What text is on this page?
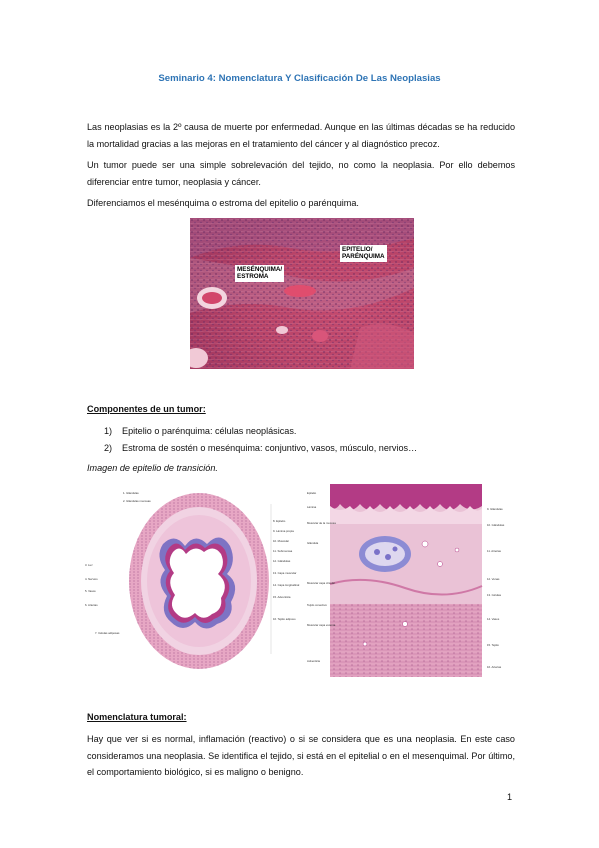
Seminario 4: Nomenclatura Y Clasificación De Las Neoplasias

Las neoplasias es la 2º causa de muerte por enfermedad. Aunque en las últimas décadas se ha reducido la mortalidad gracias a las mejoras en el tratamiento del cáncer y al diagnóstico precoz.

Un tumor puede ser una simple sobrelevación del tejido, no como la neoplasia. Por ello debemos diferenciar entre tumor, neoplasia y cáncer.

Diferenciamos el mesénquima o estroma del epitelio o parénquima.

MESÉNQUIMA/
ESTROMA
EPITELIO/
PARÉNQUIMA
Componentes de un tumor:
1) Epitelio o parénquima: células neoplásicas.
2) Estroma de sostén o mesénquima: conjuntivo, vasos, músculo, nervios…
Imagen de epitelio de transición.
1. Glándulas
2. Glándulas mucosas
3. Luz
4. Nervios
5. Vasos
6. Arterias
7. Células adiposas
8. Epitelio
9. Lámina propia
10. Muscular
11. Submucosa
12. Glándulas
13. Capa muscular
14. Capa longitudinal
15. Adventicia
16. Tejido adiposo
Epitelio
Lámina
Muscular de la mucosa
Glándula
Muscular capa circular
Tejido conectivo
Muscular capa externa
Adventicia
9. Glándulas
10. Glándulas
11. Arterias
12. Venas
13. Células
14. Vasos
15. Tejido
16. Arterias
Nomenclatura tumoral:
Hay que ver si es normal, inflamación (reactivo) o si se considera que es una neoplasia. En este caso consideramos una neoplasia. Se identifica el tejido, si está en el epitelial o en el mesenquimal. Por último, el comportamiento biológico, si es maligno o benigno.
1
